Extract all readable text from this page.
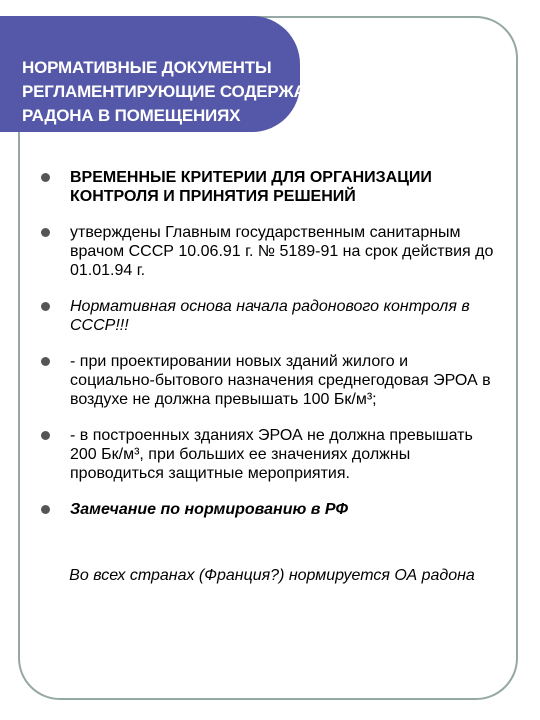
НОРМАТИВНЫЕ ДОКУМЕНТЫ
РЕГЛАМЕНТИРУЮЩИЕ СОДЕРЖАНИЕ
РАДОНА В ПОМЕЩЕНИЯХ
ВРЕМЕННЫЕ КРИТЕРИИ ДЛЯ ОРГАНИЗАЦИИ КОНТРОЛЯ И ПРИНЯТИЯ РЕШЕНИЙ
утверждены Главным государственным санитарным врачом СССР 10.06.91 г. № 5189-91 на срок действия до 01.01.94 г.
Нормативная основа начала радонового контроля в СССР!!!
- при проектировании новых зданий жилого и социально-бытового назначения среднегодовая ЭРОА в воздухе не должна превышать 100 Бк/м³;
- в построенных зданиях ЭРОА не должна превышать 200 Бк/м³, при больших ее значениях должны проводиться защитные мероприятия.
Замечание по нормированию в РФ
Во всех странах (Франция?) нормируется ОА радона
